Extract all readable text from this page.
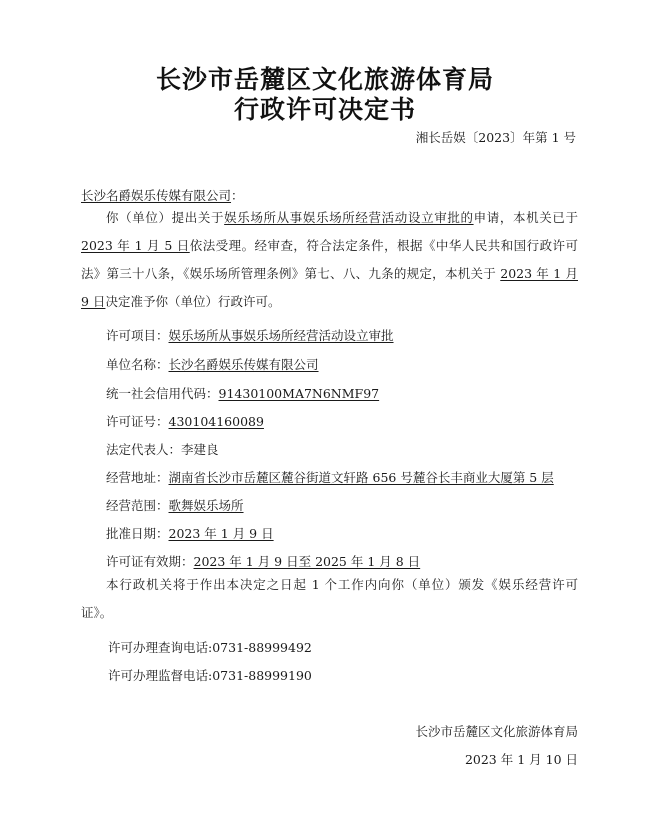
长沙市岳麓区文化旅游体育局
行政许可决定书
湘长岳娱〔2023〕年第 1 号
长沙名爵娱乐传媒有限公司：
你（单位）提出关于娱乐场所从事娱乐场所经营活动设立审批的申请，本机关已于 2023 年 1 月 5 日依法受理。经审查，符合法定条件，根据《中华人民共和国行政许可法》第三十八条，《娱乐场所管理条例》第七、八、九条的规定，本机关于 2023 年 1 月 9 日决定准予你（单位）行政许可。
许可项目：娱乐场所从事娱乐场所经营活动设立审批
单位名称：长沙名爵娱乐传媒有限公司
统一社会信用代码：91430100MA7N6NMF97
许可证号：430104160089
法定代表人：李建良
经营地址：湖南省长沙市岳麓区麓谷街道文轩路 656 号麓谷长丰商业大厦第 5 层
经营范围：歌舞娱乐场所
批准日期：2023 年 1 月 9 日
许可证有效期：2023 年 1 月 9 日至 2025 年 1 月 8 日
本行政机关将于作出本决定之日起 1 个工作内向你（单位）颁发《娱乐经营许可证》。
许可办理查询电话:0731-88999492
许可办理监督电话:0731-88999190
长沙市岳麓区文化旅游体育局
2023 年 1 月 10 日
